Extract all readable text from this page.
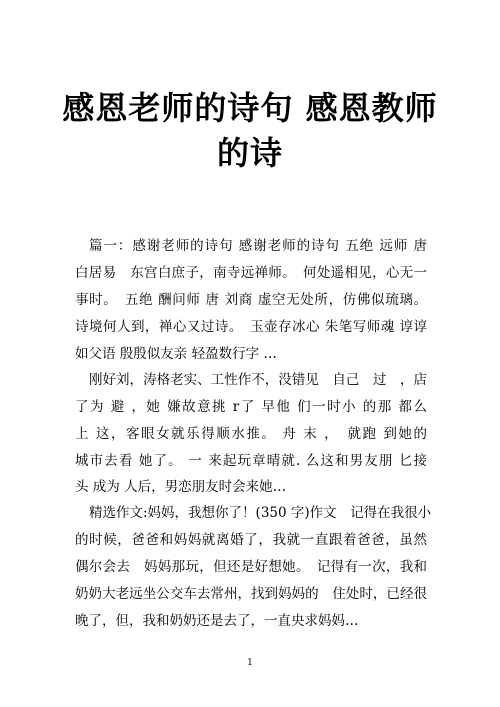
感恩老师的诗句 感恩教师
的诗
篇一：感谢老师的诗句 感谢老师的诗句 五绝 远师 唐
白居易　东宫白庶子，南寺远禅师。　何处遥相见，心无一
事时。　五绝 酬问师 唐 刘商 虚空无处所，仿佛似琉璃。
诗境何人到，禅心又过诗。　玉壶存冰心 朱笔写师魂 谆谆
如父语 殷殷似友亲 轻盈数行字 …
刚好刘，涛格老实、工性作不，没错见　自己　过　，店
了为 避 ，她 嫌故意挑 r了 早他 们一时小 的那 都么
上 这，客眼女就乐得顺水推。 舟 末 ，　就跑 到她的
城市去看 她了。 一 来起玩章晴就. 么这和男友朋 匕接
头 成为 人后，男恋朋友时会来她…
精选作文:妈妈，我想你了！(350 字)作文　记得在我很小
的时候，爸爸和妈妈就离婚了，我就一直跟着爸爸，虽然
偶尔会去　妈妈那玩，但还是好想她。　记得有一次，我和
奶奶大老远坐公交车去常州，找到妈妈的　住处时，已经很
晚了，但，我和奶奶还是去了，一直央求妈妈…
1
